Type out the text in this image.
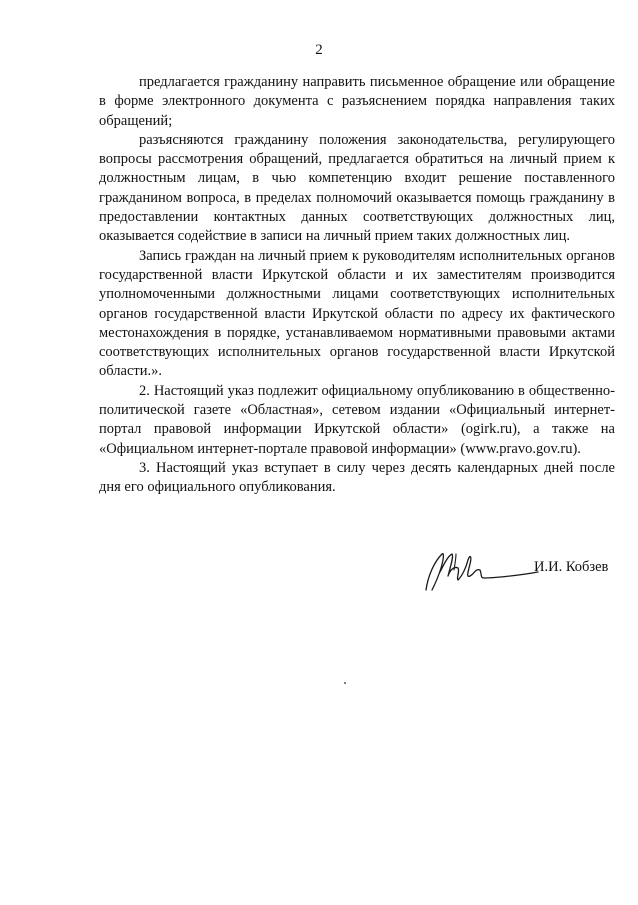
2

предлагается гражданину направить письменное обращение или обращение в форме электронного документа с разъяснением порядка направления таких обращений;

разъясняются гражданину положения законодательства, регулирующего вопросы рассмотрения обращений, предлагается обратиться на личный прием к должностным лицам, в чью компетенцию входит решение поставленного гражданином вопроса, в пределах полномочий оказывается помощь гражданину в предоставлении контактных данных соответствующих должностных лиц, оказывается содействие в записи на личный прием таких должностных лиц.

Запись граждан на личный прием к руководителям исполнительных органов государственной власти Иркутской области и их заместителям производится уполномоченными должностными лицами соответствующих исполнительных органов государственной власти Иркутской области по адресу их фактического местонахождения в порядке, устанавливаемом нормативными правовыми актами соответствующих исполнительных органов государственной власти Иркутской области.».

2. Настоящий указ подлежит официальному опубликованию в общественно-политической газете «Областная», сетевом издании «Официальный интернет-портал правовой информации Иркутской области» (ogirk.ru), а также на «Официальном интернет-портале правовой информации» (www.pravo.gov.ru).

3. Настоящий указ вступает в силу через десять календарных дней после дня его официального опубликования.

И.И. Кобзев
